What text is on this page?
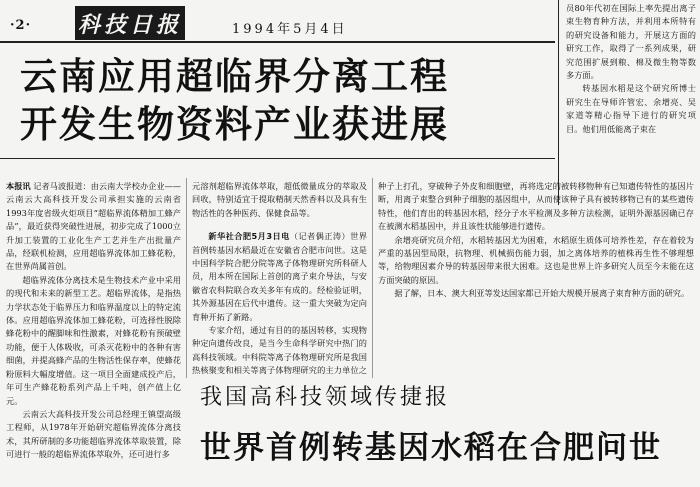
·2· 科技日报	1994年5月4日
云南应用超临界分离工程
开发生物资料产业获进展

员80年代初在国际上率先提出离子束生物育种方法，并利用本所特有的研究设备和能力，开展这方面的研究工作，取得了一系列成果，研究范围扩展到粮、棉及微生物等数多方面。

转基因水稻是这个研究所博士研究生在导师许管宏、余增亮、吴家道等精心指导下进行的研究项目。他们用低能离子束在

本报讯 记者马波报道：由云南大学校办企业——云南云大高科技开发公司承担实施的云南省1993年度省级火炬项目“超临界流体精加工蜂产品”，最近获得突破性进展，初步完成了1000立升加工装置的工业化生产工艺并生产出批量产品，经联机检测，应用超临界流体加工蜂花粉，在世界尚属首创。

超临界流体分离技术是生物技术产业中采用的现代和未来的新型工艺。超临界流体，是指热力学状态处于临界压力和临界温度以上的特定流体。应用超临界流体加工蜂花粉，可选择性脱除蜂花粉中的醒脚味和性激素，对蜂花粉有预破壁功能，便于人体吸收，可杀灭花粉中的各种有害细菌，并提高蜂产品的生物活性保存率，使蜂花粉原料大幅度增值。这一项目全面建成投产后，年可生产蜂花粉系列产品上千吨，创产值上亿元。

云南云大高科技开发公司总经理王镇望高级工程师，从1978年开始研究超临界流体分离技术，其所研制的多功能超临界流体萃取装置，除可进行一般的超临界流体萃取外，还可进行多

元溶剂超临界流体萃取，超低微量成分的萃取及回收，特别适宜于提取精制天然香料以及具有生物活性的各种医药、保健食品等。

新华社合肥5月3日电（记者偶正涛）世界首例转基因水稻最近在安徽省合肥市问世。这是中国科学院合肥分院等离子体物理研究所科研人员，用本所在国际上首创的离子束介导法，与安徽省农科院联合攻关多年有成的。经检验证明，其外源基因在后代中遗传。这一重大突破为定向育种开拓了新路。

专家介绍，通过有目的的基因转移，实现物种定向遗传改良，是当今生命科学研究中热门的高科技领域。中科院等离子体物理研究所是我国热核聚变和相关等离子体物理研究的主力单位之

种子上打孔，穿破种子外皮和细胞壁，再将选定的被转移物种有已知遗传特性的基因片断，用离子束整合到种子细胞的基因组中，从而使该种子具有被转移物已有的某些遗传特性，他们育出的转基因水稻，经分子水平检测及多种方法检测，证明外源基因确已存在被测水稻基因中，并且该性状能够进行遗传。

余增亮研究员介绍，水稻转基因尤为困难，水稻原生质体可培养性差，存在着较为严重的基因型局限，抗物理、机械损伤能力弱，加之离体培养的植株再生性不够理想等，给物理因素介导的转基因带来很大困难。这也是世界上许多研究人员至今未能在这方面突破的原因。

据了解，日本、澳大利亚等发达国家都已开始大规模开展离子束育种方面的研究。

我国高科技领域传捷报
世界首例转基因水稻在合肥问世
